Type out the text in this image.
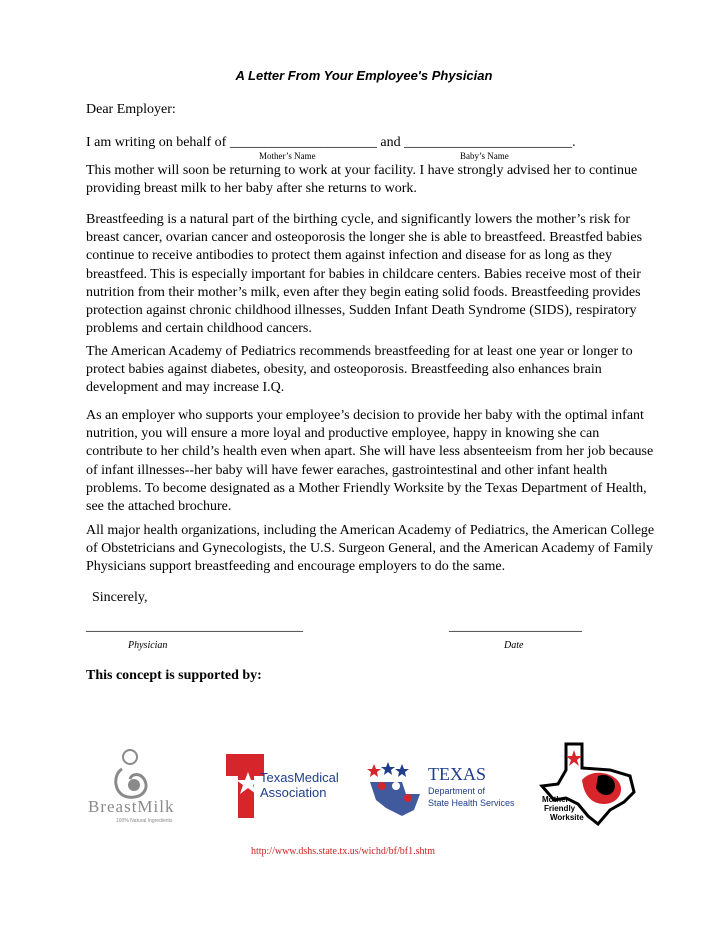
A Letter From Your Employee's Physician

Dear Employer:

I am writing on behalf of _____________________ and ________________________.
Mother’s Name	Baby’s Name

This mother will soon be returning to work at your facility. I have strongly advised her to continue providing breast milk to her baby after she returns to work.

Breastfeeding is a natural part of the birthing cycle, and significantly lowers the mother’s risk for breast cancer, ovarian cancer and osteoporosis the longer she is able to breastfeed. Breastfed babies continue to receive antibodies to protect them against infection and disease for as long as they breastfeed. This is especially important for babies in childcare centers. Babies receive most of their nutrition from their mother’s milk, even after they begin eating solid foods. Breastfeeding provides protection against chronic childhood illnesses, Sudden Infant Death Syndrome (SIDS), respiratory problems and certain childhood cancers.

The American Academy of Pediatrics recommends breastfeeding for at least one year or longer to protect babies against diabetes, obesity, and osteoporosis. Breastfeeding also enhances brain development and may increase I.Q.

As an employer who supports your employee’s decision to provide her baby with the optimal infant nutrition, you will ensure a more loyal and productive employee, happy in knowing she can contribute to her child’s health even when apart. She will have less absenteeism from her job because of infant illnesses--her baby will have fewer earaches, gastrointestinal and other infant health problems. To become designated as a Mother Friendly Worksite by the Texas Department of Health, see the attached brochure.

All major health organizations, including the American Academy of Pediatrics, the American College of Obstetricians and Gynecologists, the U.S. Surgeon General, and the American Academy of Family Physicians support breastfeeding and encourage employers to do the same.

Sincerely,
_______________________________	___________________
Physician	Date
This concept is supported by:
BreastMilk
100% Natural Ingredients
TexasMedical
Association
TEXAS
Department of
State Health Services	Mother-
Friendly
Worksite
http://www.dshs.state.tx.us/wichd/bf/bf1.shtm
